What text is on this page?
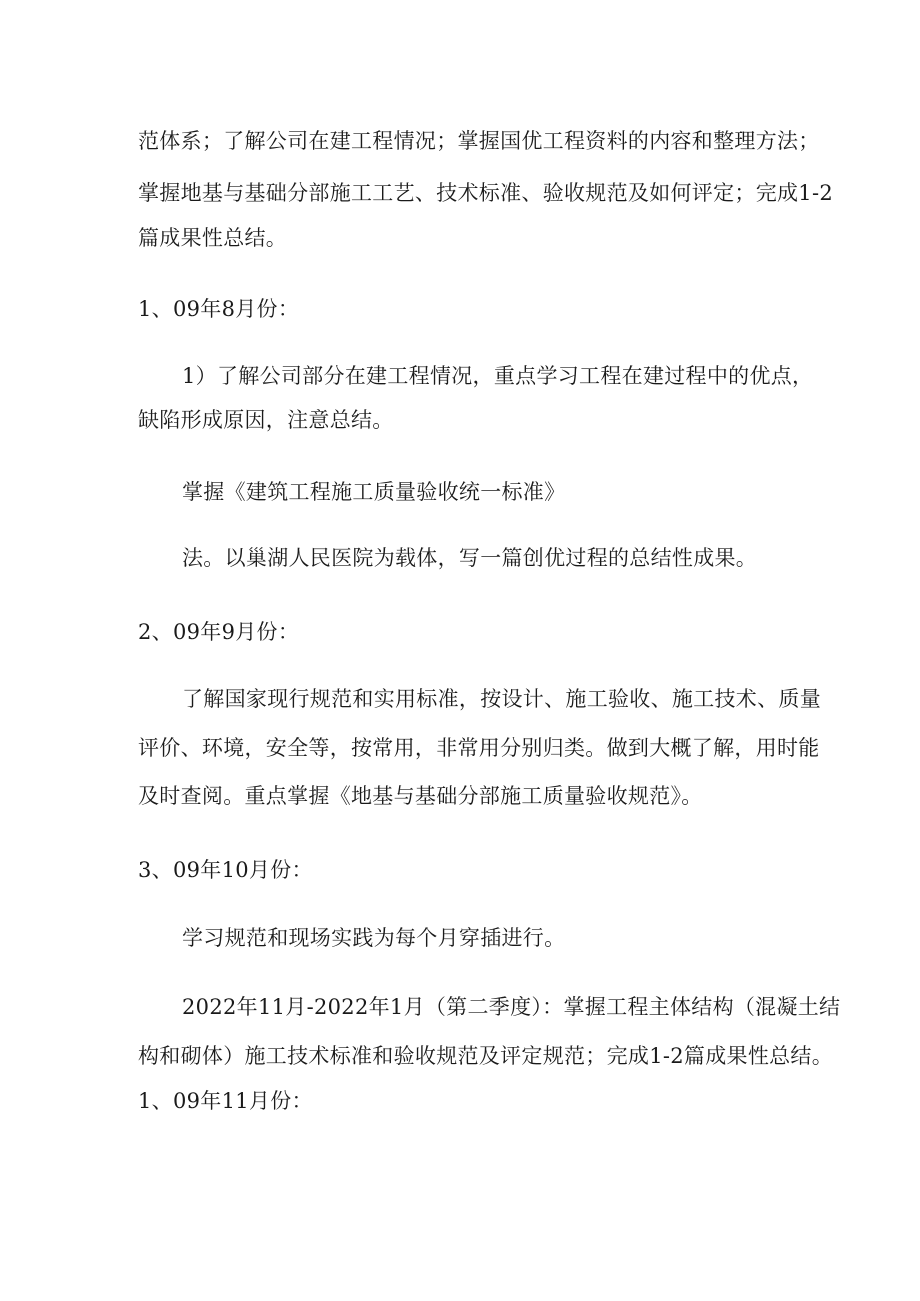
范体系；了解公司在建工程情况；掌握国优工程资料的内容和整理方法；
掌握地基与基础分部施工工艺、技术标准、验收规范及如何评定；完成1-2
篇成果性总结。
1、09年8月份：
1）了解公司部分在建工程情况，重点学习工程在建过程中的优点，
缺陷形成原因，注意总结。
掌握《建筑工程施工质量验收统一标准》
法。以巢湖人民医院为载体，写一篇创优过程的总结性成果。
2、09年9月份：
了解国家现行规范和实用标准，按设计、施工验收、施工技术、质量
评价、环境，安全等，按常用，非常用分别归类。做到大概了解，用时能
及时查阅。重点掌握《地基与基础分部施工质量验收规范》。
3、09年10月份：
学习规范和现场实践为每个月穿插进行。
2022年11月-2022年1月（第二季度）：掌握工程主体结构（混凝土结
构和砌体）施工技术标准和验收规范及评定规范；完成1-2篇成果性总结。
1、09年11月份：
